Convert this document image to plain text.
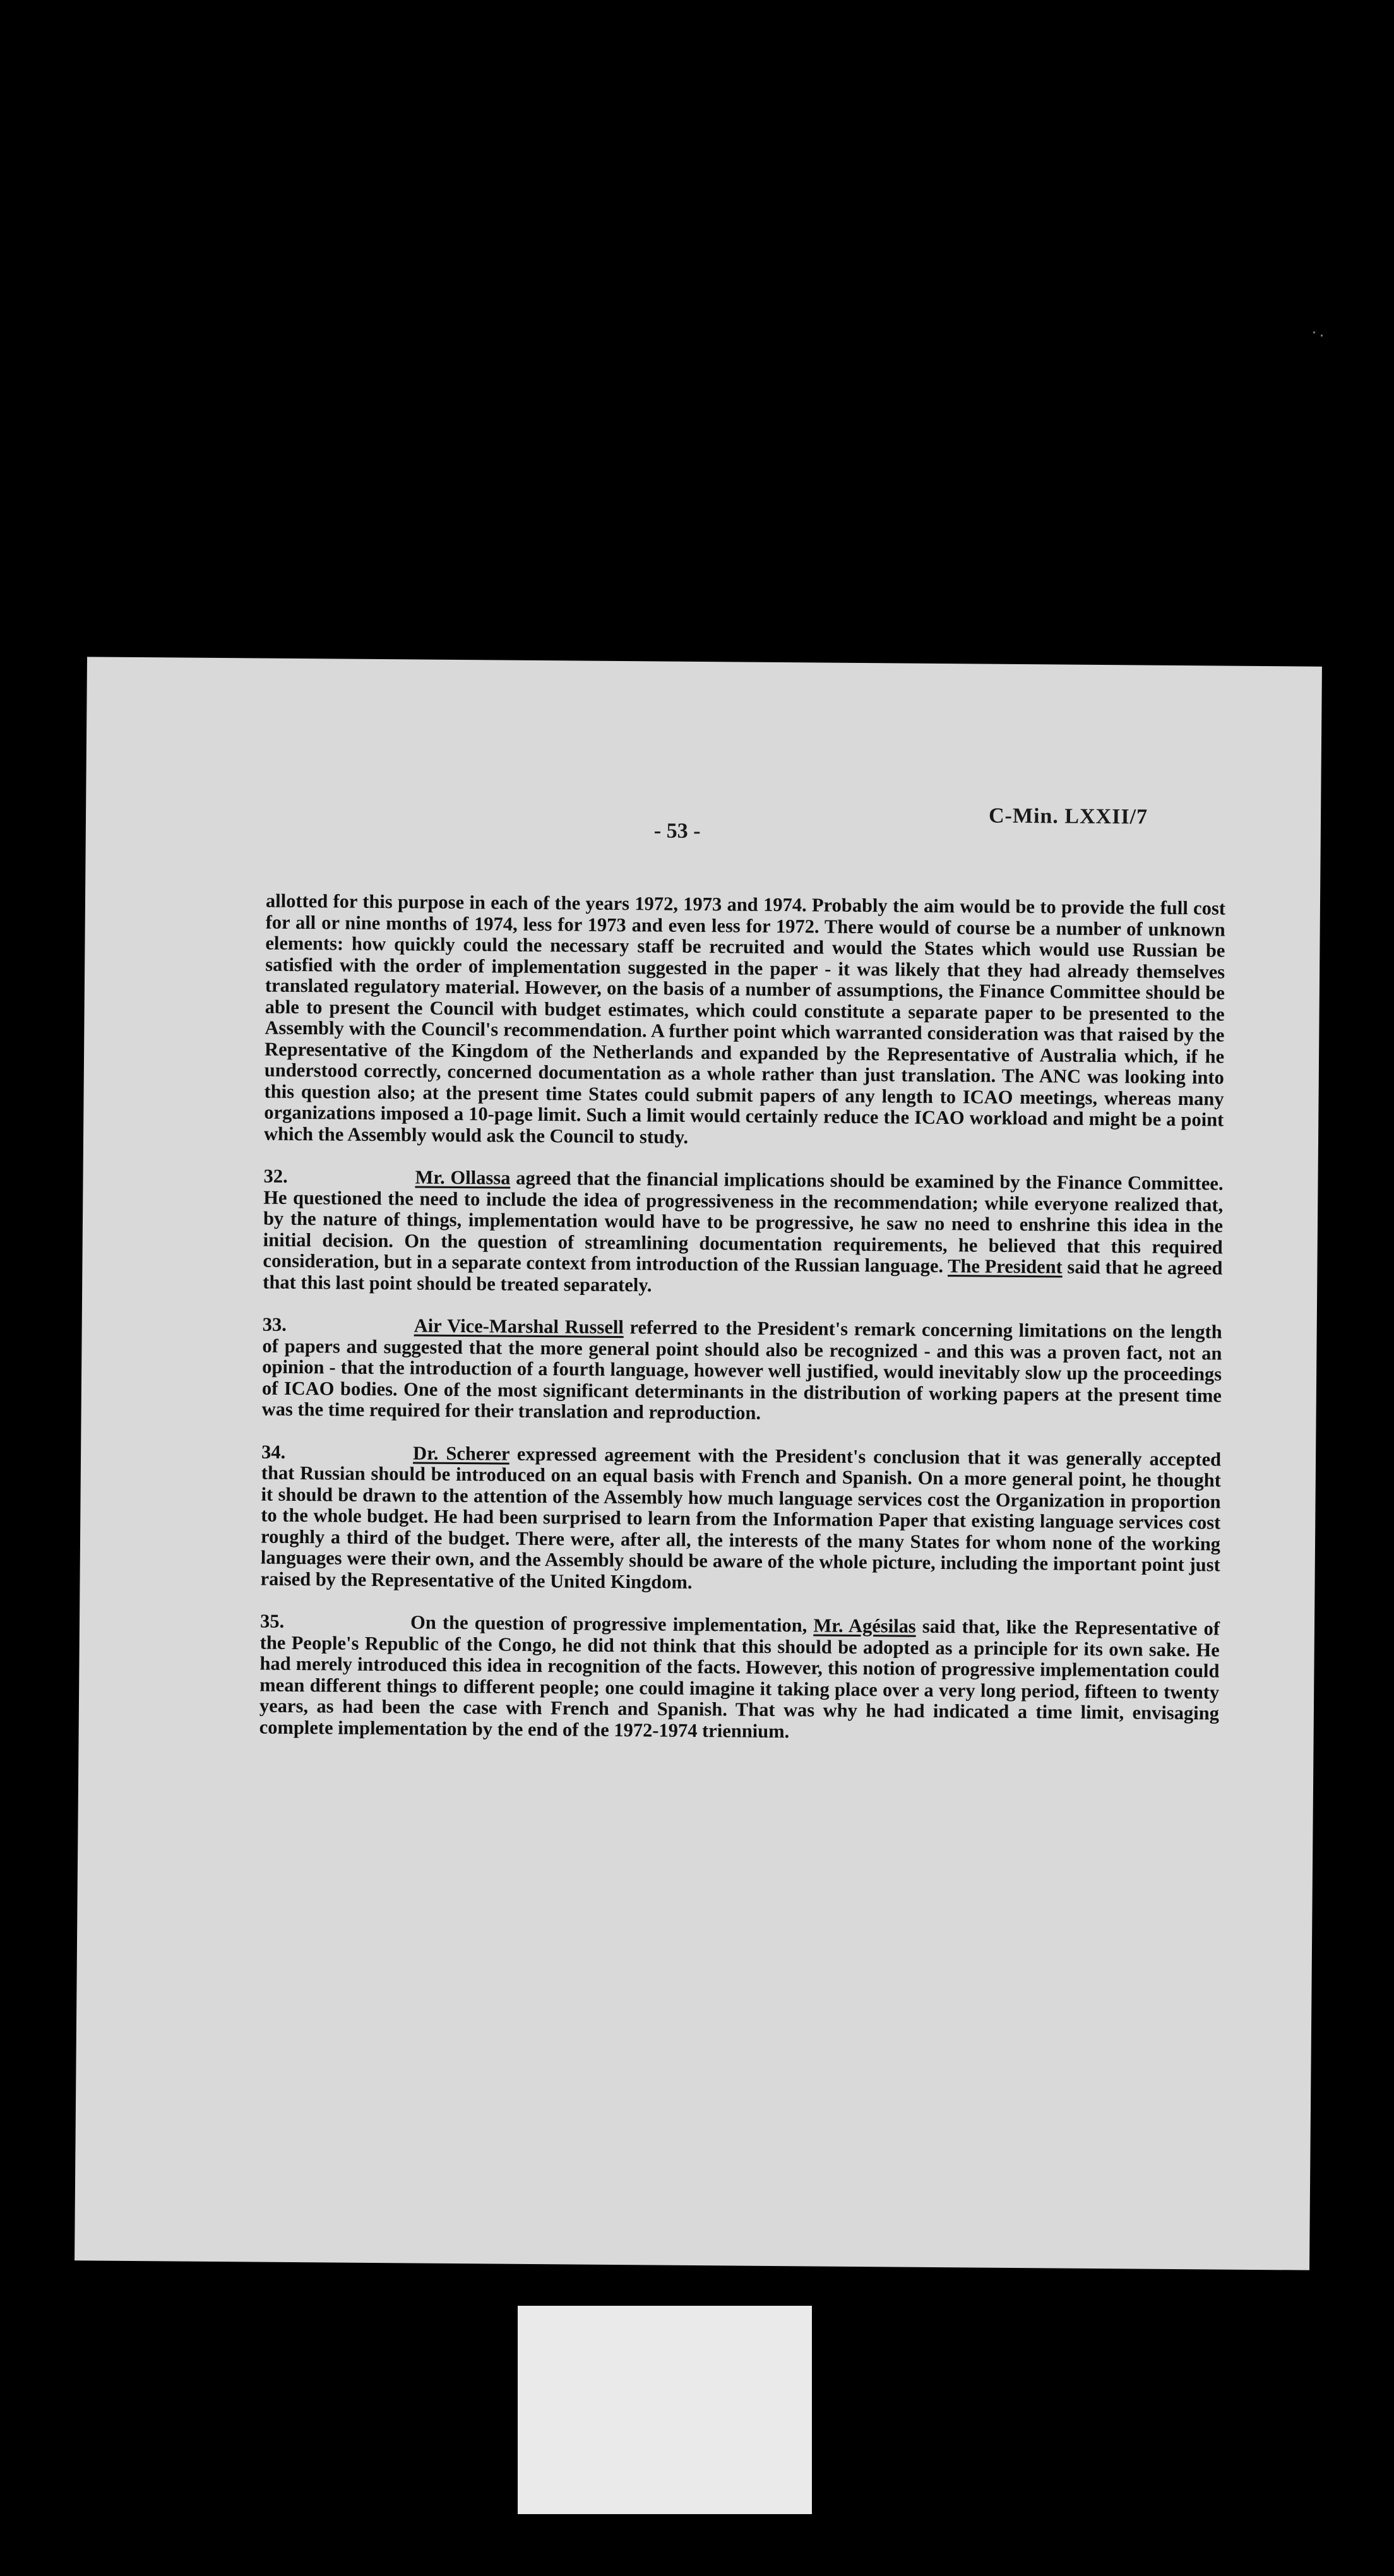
- 53 -
C-Min. LXXII/7

allotted for this purpose in each of the years 1972, 1973 and 1974. Probably the aim would be to provide the full cost for all or nine months of 1974, less for 1973 and even less for 1972. There would of course be a number of unknown elements: how quickly could the necessary staff be recruited and would the States which would use Russian be satisfied with the order of implementation suggested in the paper - it was likely that they had already themselves translated regulatory material. However, on the basis of a number of assumptions, the Finance Committee should be able to present the Council with budget estimates, which could constitute a separate paper to be presented to the Assembly with the Council's recommendation. A further point which warranted consideration was that raised by the Representative of the Kingdom of the Netherlands and expanded by the Representative of Australia which, if he understood correctly, concerned documentation as a whole rather than just translation. The ANC was looking into this question also; at the present time States could submit papers of any length to ICAO meetings, whereas many organizations imposed a 10-page limit. Such a limit would certainly reduce the ICAO workload and might be a point which the Assembly would ask the Council to study.

32.	Mr. Ollassa agreed that the financial implications should be examined by the Finance Committee. He questioned the need to include the idea of progressiveness in the recommendation; while everyone realized that, by the nature of things, implementation would have to be progressive, he saw no need to enshrine this idea in the initial decision. On the question of streamlining documentation requirements, he believed that this required consideration, but in a separate context from introduction of the Russian language. The President said that he agreed that this last point should be treated separately.

33.	Air Vice-Marshal Russell referred to the President's remark concerning limitations on the length of papers and suggested that the more general point should also be recognized - and this was a proven fact, not an opinion - that the introduction of a fourth language, however well justified, would inevitably slow up the proceedings of ICAO bodies. One of the most significant determinants in the distribution of working papers at the present time was the time required for their translation and reproduction.

34.	Dr. Scherer expressed agreement with the President's conclusion that it was generally accepted that Russian should be introduced on an equal basis with French and Spanish. On a more general point, he thought it should be drawn to the attention of the Assembly how much language services cost the Organization in proportion to the whole budget. He had been surprised to learn from the Information Paper that existing language services cost roughly a third of the budget. There were, after all, the interests of the many States for whom none of the working languages were their own, and the Assembly should be aware of the whole picture, including the important point just raised by the Representative of the United Kingdom.

35.	On the question of progressive implementation, Mr. Agésilas said that, like the Representative of the People's Republic of the Congo, he did not think that this should be adopted as a principle for its own sake. He had merely introduced this idea in recognition of the facts. However, this notion of progressive implementation could mean different things to different people; one could imagine it taking place over a very long period, fifteen to twenty years, as had been the case with French and Spanish. That was why he had indicated a time limit, envisaging complete implementation by the end of the 1972-1974 triennium.
